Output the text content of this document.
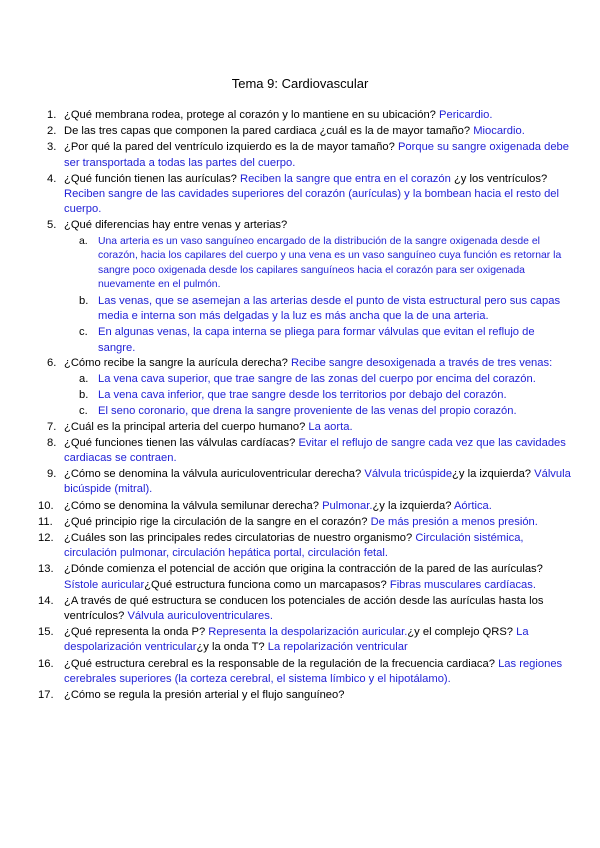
Tema 9: Cardiovascular
1. ¿Qué membrana rodea, protege al corazón y lo mantiene en su ubicación? Pericardio.
2. De las tres capas que componen la pared cardiaca ¿cuál es la de mayor tamaño? Miocardio.
3. ¿Por qué la pared del ventrículo izquierdo es la de mayor tamaño? Porque su sangre oxigenada debe ser transportada a todas las partes del cuerpo.
4. ¿Qué función tienen las aurículas? Reciben la sangre que entra en el corazón ¿y los ventrículos? Reciben sangre de las cavidades superiores del corazón (aurículas) y la bombean hacia el resto del cuerpo.
5. ¿Qué diferencias hay entre venas y arterias?
a. Una arteria es un vaso sanguíneo encargado de la distribución de la sangre oxigenada desde el corazón, hacia los capilares del cuerpo y una vena es un vaso sanguíneo cuya función es retornar la sangre poco oxigenada desde los capilares sanguíneos hacia el corazón para ser oxigenada nuevamente en el pulmón.
b. Las venas, que se asemejan a las arterias desde el punto de vista estructural pero sus capas media e interna son más delgadas y la luz es más ancha que la de una arteria.
c. En algunas venas, la capa interna se pliega para formar válvulas que evitan el reflujo de sangre.
6. ¿Cómo recibe la sangre la aurícula derecha? Recibe sangre desoxigenada a través de tres venas:
a. La vena cava superior, que trae sangre de las zonas del cuerpo por encima del corazón.
b. La vena cava inferior, que trae sangre desde los territorios por debajo del corazón.
c. El seno coronario, que drena la sangre proveniente de las venas del propio corazón.
7. ¿Cuál es la principal arteria del cuerpo humano? La aorta.
8. ¿Qué funciones tienen las válvulas cardíacas? Evitar el reflujo de sangre cada vez que las cavidades cardiacas se contraen.
9. ¿Cómo se denomina la válvula auriculoventricular derecha? Válvula tricúspide¿y la izquierda? Válvula bicúspide (mitral).
10. ¿Cómo se denomina la válvula semilunar derecha? Pulmonar.¿y la izquierda? Aórtica.
11.	¿Qué principio rige la circulación de la sangre en el corazón? De más presión a menos presión.
12. ¿Cuáles son las principales redes circulatorias de nuestro organismo? Circulación sistémica, circulación pulmonar, circulación hepática portal, circulación fetal.
13. ¿Dónde comienza el potencial de acción que origina la contracción de la pared de las aurículas? Sístole auricular¿Qué estructura funciona como un marcapasos? Fibras musculares cardíacas.
14. ¿A través de qué estructura se conducen los potenciales de acción desde las aurículas hasta los ventrículos? Válvula auriculoventriculares.
15. ¿Qué representa la onda P? Representa la despolarización auricular.¿y el complejo QRS? La despolarización ventricular¿y la onda T? La repolarización ventricular
16. ¿Qué estructura cerebral es la responsable de la regulación de la frecuencia cardiaca? Las regiones cerebrales superiores (la corteza cerebral, el sistema límbico y el hipotálamo).
17. ¿Cómo se regula la presión arterial y el flujo sanguíneo?
